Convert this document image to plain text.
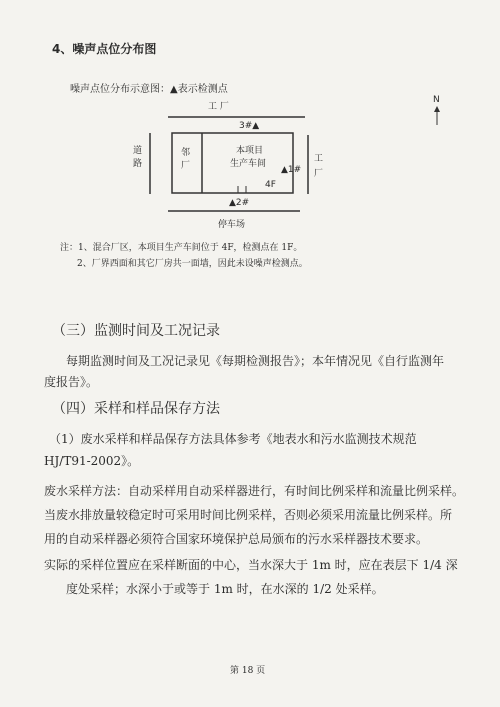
4、噪声点位分布图
噪声点位分布示意图：▲表示检测点
工 厂
3#▲
道路
邻厂
本项目
生产车间
▲1#
工厂
4F
▲2#
停车场
N
注：1、混合厂区，本项目生产车间位于 4F，检测点在 1F。
2、厂界西面和其它厂房共一面墙，因此未设噪声检测点。
（三）监测时间及工况记录
每期监测时间及工况记录见《每期检测报告》；本年情况见《自行监测年
度报告》。
（四）采样和样品保存方法
（1）废水采样和样品保存方法具体参考《地表水和污水监测技术规范
HJ/T91-2002》。
废水采样方法：自动采样用自动采样器进行，有时间比例采样和流量比例采样。
当废水排放量较稳定时可采用时间比例采样，否则必须采用流量比例采样。所
用的自动采样器必须符合国家环境保护总局颁布的污水采样器技术要求。
实际的采样位置应在采样断面的中心，当水深大于 1m 时，应在表层下 1/4 深
度处采样；水深小于或等于 1m 时，在水深的 1/2 处采样。
第 18 页
